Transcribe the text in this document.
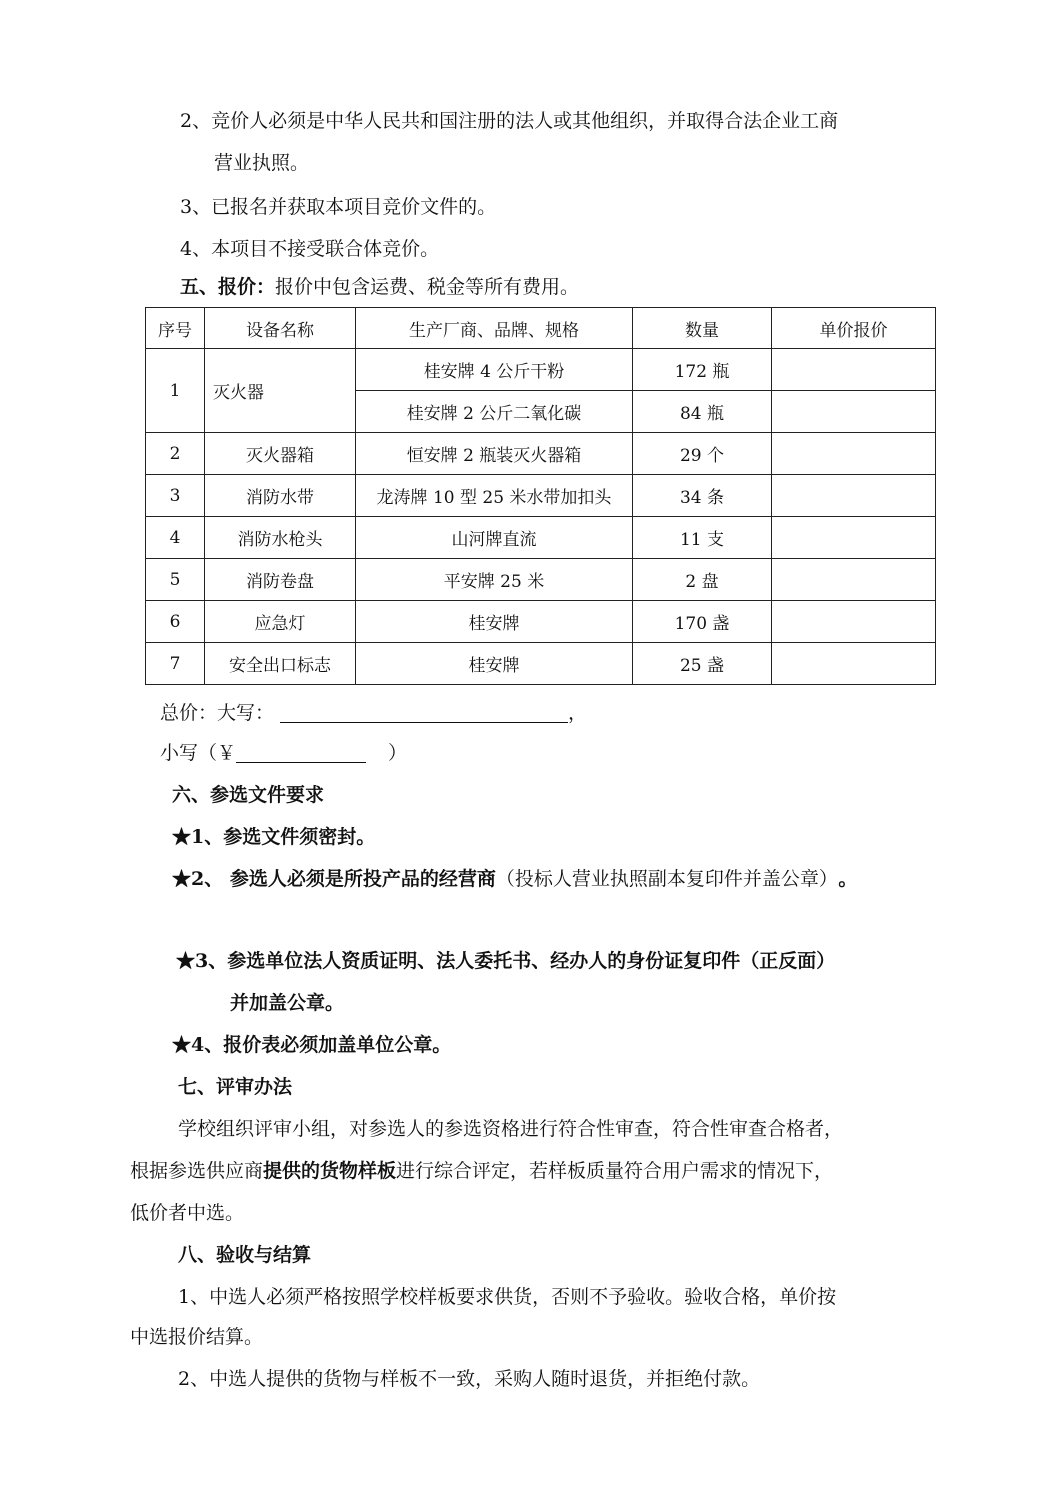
2、竞价人必须是中华人民共和国注册的法人或其他组织，并取得合法企业工商
营业执照。
3、已报名并获取本项目竞价文件的。
4、本项目不接受联合体竞价。
五、报价：报价中包含运费、税金等所有费用。
序号	设备名称	生产厂商、品牌、规格	数量	单价报价
1	灭火器	桂安牌 4 公斤干粉	172 瓶	
		桂安牌 2 公斤二氧化碳	84 瓶	
2	灭火器箱	恒安牌 2 瓶装灭火器箱	29 个	
3	消防水带	龙涛牌 10 型 25 米水带加扣头	34 条	
4	消防水枪头	山河牌直流	11 支	
5	消防卷盘	平安牌 25 米	2 盘	
6	应急灯	桂安牌	170 盏	
7	安全出口标志	桂安牌	25 盏	
总价：大写：	，
小写（￥	）
六、参选文件要求
★1、参选文件须密封。
★2、 参选人必须是所投产品的经营商（投标人营业执照副本复印件并盖公章） 。
★3、参选单位法人资质证明、法人委托书、经办人的身份证复印件（正反面）
并加盖公章。
★4、报价表必须加盖单位公章。
七、评审办法
学校组织评审小组，对参选人的参选资格进行符合性审查，符合性审查合格者，
根据参选供应商提供的货物样板进行综合评定，若样板质量符合用户需求的情况下，
低价者中选。
八、验收与结算
1、中选人必须严格按照学校样板要求供货，否则不予验收。验收合格，单价按
中选报价结算。
2、中选人提供的货物与样板不一致，采购人随时退货，并拒绝付款。
